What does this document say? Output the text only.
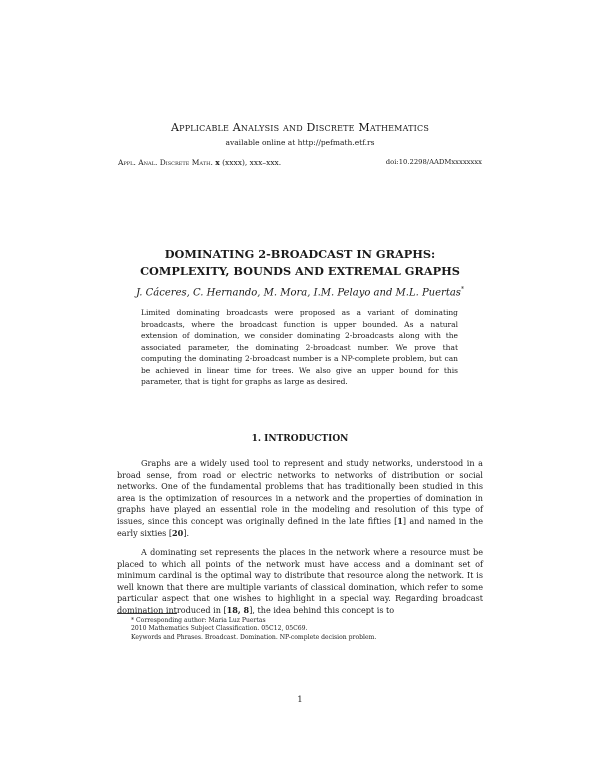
Applicable Analysis and Discrete Mathematics
available online at http://pefmath.etf.rs
Appl. Anal. Discrete Math. x (xxxx), xxx–xxx.	doi:10.2298/AADMxxxxxxxx
DOMINATING 2-BROADCAST IN GRAPHS:
COMPLEXITY, BOUNDS AND EXTREMAL GRAPHS
J. Cáceres, C. Hernando, M. Mora, I.M. Pelayo and M.L. Puertas*

Limited dominating broadcasts were proposed as a variant of dominating broadcasts, where the broadcast function is upper bounded. As a natural extension of domination, we consider dominating 2-broadcasts along with the associated parameter, the dominating 2-broadcast number. We prove that computing the dominating 2-broadcast number is a NP-complete problem, but can be achieved in linear time for trees. We also give an upper bound for this parameter, that is tight for graphs as large as desired.

1. INTRODUCTION

Graphs are a widely used tool to represent and study networks, understood in a broad sense, from road or electric networks to networks of distribution or social networks. One of the fundamental problems that has traditionally been studied in this area is the optimization of resources in a network and the properties of domination in graphs have played an essential role in the modeling and resolution of this type of issues, since this concept was originally defined in the late fifties [1] and named in the early sixties [20].

A dominating set represents the places in the network where a resource must be placed to which all points of the network must have access and a dominant set of minimum cardinal is the optimal way to distribute that resource along the network. It is well known that there are multiple variants of classical domination, which refer to some particular aspect that one wishes to highlight in a special way. Regarding broadcast domination introduced in [18, 8], the idea behind this concept is to

* Corresponding author: Maria Luz Puertas
2010 Mathematics Subject Classification. 05C12, 05C69.
Keywords and Phrases. Broadcast. Domination. NP-complete decision problem.
1
